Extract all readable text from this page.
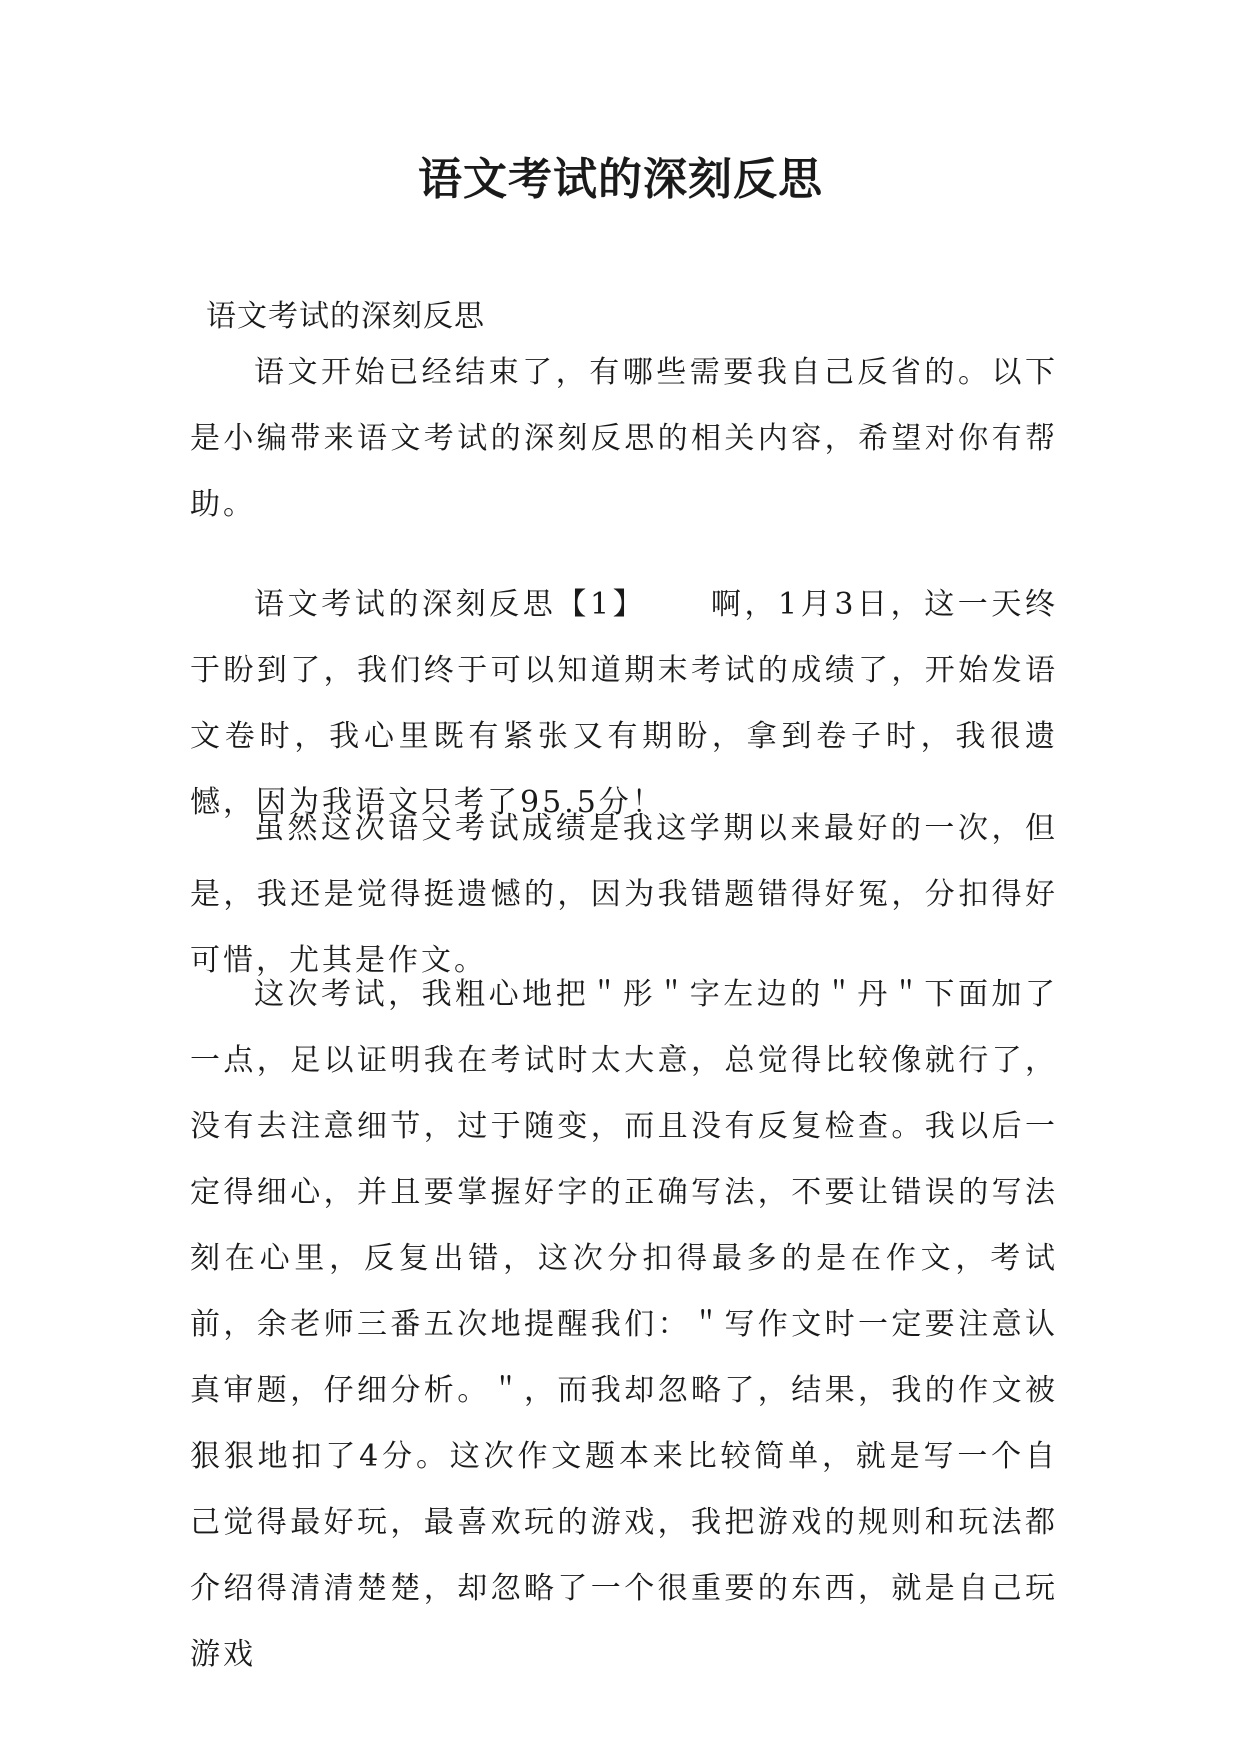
语文考试的深刻反思

语文考试的深刻反思

语文开始已经结束了，有哪些需要我自己反省的。以下是小编带来语文考试的深刻反思的相关内容，希望对你有帮助。

语文考试的深刻反思【1】 啊，1月3日，这一天终于盼到了，我们终于可以知道期末考试的成绩了，开始发语文卷时，我心里既有紧张又有期盼，拿到卷子时，我很遗憾，因为我语文只考了95.5分！

虽然这次语文考试成绩是我这学期以来最好的一次，但是，我还是觉得挺遗憾的，因为我错题错得好冤，分扣得好可惜，尤其是作文。

这次考试，我粗心地把＂彤＂字左边的＂丹＂下面加了一点，足以证明我在考试时太大意，总觉得比较像就行了，没有去注意细节，过于随变，而且没有反复检查。我以后一定得细心，并且要掌握好字的正确写法，不要让错误的写法刻在心里，反复出错，这次分扣得最多的是在作文，考试前，余老师三番五次地提醒我们：＂写作文时一定要注意认真审题，仔细分析。＂，而我却忽略了，结果，我的作文被狠狠地扣了4分。这次作文题本来比较简单，就是写一个自己觉得最好玩，最喜欢玩的游戏，我把游戏的规则和玩法都介绍得清清楚楚，却忽略了一个很重要的东西，就是自己玩游戏
